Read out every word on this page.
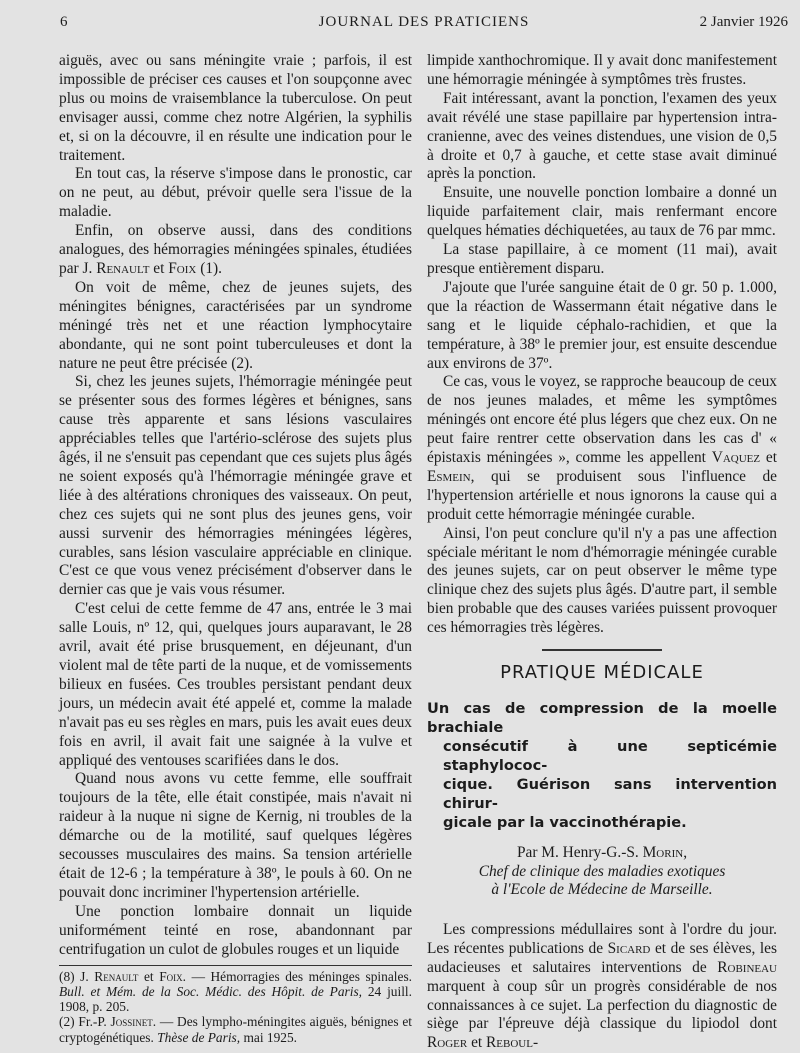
6	JOURNAL DES PRATICIENS	2 Janvier 1926

aiguës, avec ou sans méningite vraie ; parfois, il est impossible de préciser ces causes et l'on soupçonne avec plus ou moins de vraisemblance la tuberculose. On peut envisager aussi, comme chez notre Algérien, la syphilis et, si on la découvre, il en résulte une indication pour le traitement.

En tout cas, la réserve s'impose dans le pronostic, car on ne peut, au début, prévoir quelle sera l'issue de la maladie.

Enfin, on observe aussi, dans des conditions analogues, des hémorragies méningées spinales, étudiées par J. Renault et Foix (1).

On voit de même, chez de jeunes sujets, des méningites bénignes, caractérisées par un syndrome méningé très net et une réaction lymphocytaire abondante, qui ne sont point tuberculeuses et dont la nature ne peut être précisée (2).

Si, chez les jeunes sujets, l'hémorragie méningée peut se présenter sous des formes légères et bénignes, sans cause très apparente et sans lésions vasculaires appréciables telles que l'artério-sclérose des sujets plus âgés, il ne s'ensuit pas cependant que ces sujets plus âgés ne soient exposés qu'à l'hémorragie méningée grave et liée à des altérations chroniques des vaisseaux. On peut, chez ces sujets qui ne sont plus des jeunes gens, voir aussi survenir des hémorragies méningées légères, curables, sans lésion vasculaire appréciable en clinique. C'est ce que vous venez précisément d'observer dans le dernier cas que je vais vous résumer.

C'est celui de cette femme de 47 ans, entrée le 3 mai salle Louis, nº 12, qui, quelques jours auparavant, le 28 avril, avait été prise brusquement, en déjeunant, d'un violent mal de tête parti de la nuque, et de vomissements bilieux en fusées. Ces troubles persistant pendant deux jours, un médecin avait été appelé et, comme la malade n'avait pas eu ses règles en mars, puis les avait eues deux fois en avril, il avait fait une saignée à la vulve et appliqué des ventouses scarifiées dans le dos.

Quand nous avons vu cette femme, elle souffrait toujours de la tête, elle était constipée, mais n'avait ni raideur à la nuque ni signe de Kernig, ni troubles de la démarche ou de la motilité, sauf quelques légères secousses musculaires des mains. Sa tension artérielle était de 12-6 ; la température à 38º, le pouls à 60. On ne pouvait donc incriminer l'hypertension artérielle.

Une ponction lombaire donnait un liquide uniformément teinté en rose, abandonnant par centrifugation un culot de globules rouges et un liquide

(8) J. Renault et Foix. — Hémorragies des méninges spinales. Bull. et Mém. de la Soc. Médic. des Hôpit. de Paris, 24 juill. 1908, p. 205.

(2) Fr.-P. Jossinet. — Des lympho-méningites aiguës, bénignes et cryptogénétiques. Thèse de Paris, mai 1925.

limpide xanthochromique. Il y avait donc manifestement une hémorragie méningée à symptômes très frustes.

Fait intéressant, avant la ponction, l'examen des yeux avait révélé une stase papillaire par hypertension intra-cranienne, avec des veines distendues, une vision de 0,5 à droite et 0,7 à gauche, et cette stase avait diminué après la ponction.

Ensuite, une nouvelle ponction lombaire a donné un liquide parfaitement clair, mais renfermant encore quelques hématies déchiquetées, au taux de 76 par mmc.

La stase papillaire, à ce moment (11 mai), avait presque entièrement disparu.

J'ajoute que l'urée sanguine était de 0 gr. 50 p. 1.000, que la réaction de Wassermann était négative dans le sang et le liquide céphalo-rachidien, et que la température, à 38º le premier jour, est ensuite descendue aux environs de 37º.

Ce cas, vous le voyez, se rapproche beaucoup de ceux de nos jeunes malades, et même les symptômes méningés ont encore été plus légers que chez eux. On ne peut faire rentrer cette observation dans les cas d' « épistaxis méningées », comme les appellent Vaquez et Esmein, qui se produisent sous l'influence de l'hypertension artérielle et nous ignorons la cause qui a produit cette hémorragie méningée curable.

Ainsi, l'on peut conclure qu'il n'y a pas une affection spéciale méritant le nom d'hémorragie méningée curable des jeunes sujets, car on peut observer le même type clinique chez des sujets plus âgés. D'autre part, il semble bien probable que des causes variées puissent provoquer ces hémorragies très légères.

PRATIQUE MÉDICALE
Un cas de compression de la moelle brachiale
consécutif à une septicémie staphylococ-
cique. Guérison sans intervention chirur-
gicale par la vaccinothérapie.
Par M. Henry-G.-S. Morin,
Chef de clinique des maladies exotiques
à l'Ecole de Médecine de Marseille.

Les compressions médullaires sont à l'ordre du jour. Les récentes publications de Sicard et de ses élèves, les audacieuses et salutaires interventions de Robineau marquent à coup sûr un progrès considérable de nos connaissances à ce sujet. La perfection du diagnostic de siège par l'épreuve déjà classique du lipiodol dont Roger et Reboul-
